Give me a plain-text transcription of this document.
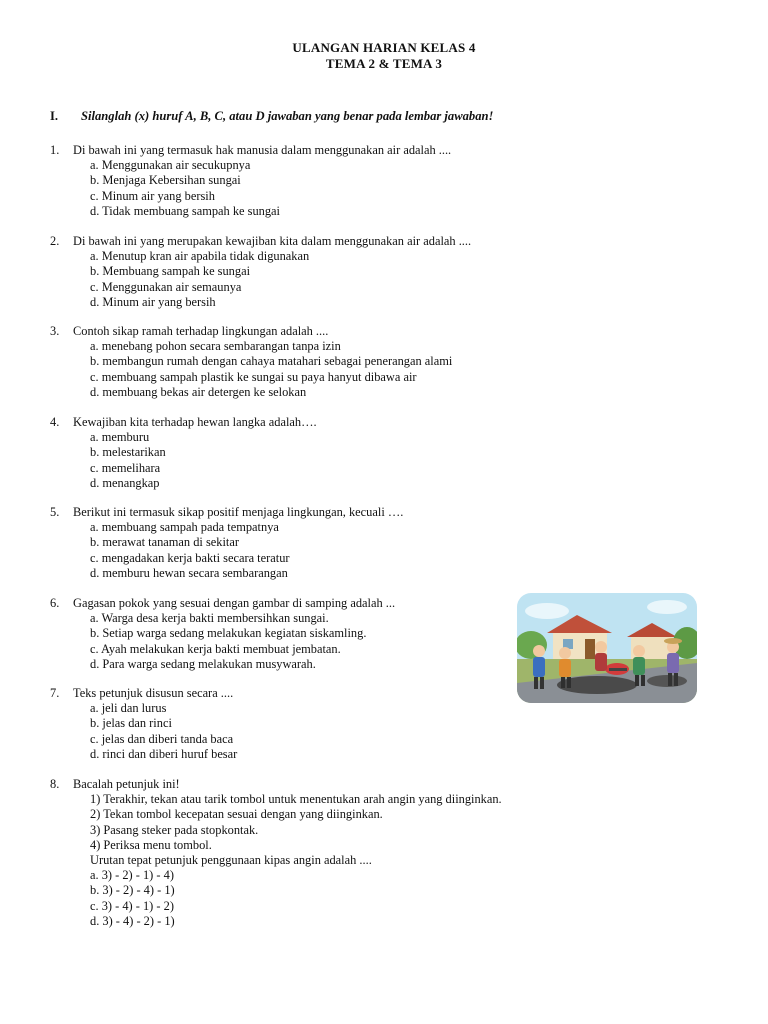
ULANGAN HARIAN KELAS 4
TEMA 2 & TEMA 3
I. Silanglah (x) huruf A, B, C, atau D jawaban yang benar pada lembar jawaban!
1. Di bawah ini yang termasuk hak manusia dalam menggunakan air adalah ....
a. Menggunakan air secukupnya
b. Menjaga Kebersihan sungai
c. Minum air yang bersih
d. Tidak membuang sampah ke sungai
2. Di bawah ini yang merupakan kewajiban kita dalam menggunakan air adalah ....
a. Menutup kran air apabila tidak digunakan
b. Membuang sampah ke sungai
c. Menggunakan air semaunya
d. Minum air yang bersih
3. Contoh sikap ramah terhadap lingkungan adalah ....
a. menebang pohon secara sembarangan tanpa izin
b. membangun rumah dengan cahaya matahari sebagai penerangan alami
c. membuang sampah plastik ke sungai su paya hanyut dibawa air
d. membuang bekas air detergen ke selokan
4. Kewajiban kita terhadap hewan langka adalah….
a. memburu
b. melestarikan
c. memelihara
d. menangkap
5. Berikut ini termasuk sikap positif menjaga lingkungan, kecuali ….
a. membuang sampah pada tempatnya
b. merawat tanaman di sekitar
c. mengadakan kerja bakti secara teratur
d. memburu hewan secara sembarangan
6. Gagasan pokok yang sesuai dengan gambar di samping adalah ...
a. Warga desa kerja bakti membersihkan sungai.
b. Setiap warga sedang melakukan kegiatan siskamling.
c. Ayah melakukan kerja bakti membuat jembatan.
d. Para warga sedang melakukan musywarah.
7. Teks petunjuk disusun secara ....
a. jeli dan lurus
b. jelas dan rinci
c. jelas dan diberi tanda baca
d. rinci dan diberi huruf besar
8. Bacalah petunjuk ini!
1) Terakhir, tekan atau tarik tombol untuk menentukan arah angin yang diinginkan.
2) Tekan tombol kecepatan sesuai dengan yang diinginkan.
3) Pasang steker pada stopkontak.
4) Periksa menu tombol.
Urutan tepat petunjuk penggunaan kipas angin adalah ....
a. 3) - 2) - 1) - 4)
b. 3) - 2) - 4) - 1)
c. 3) - 4) - 1) - 2)
d. 3) - 4) - 2) - 1)
